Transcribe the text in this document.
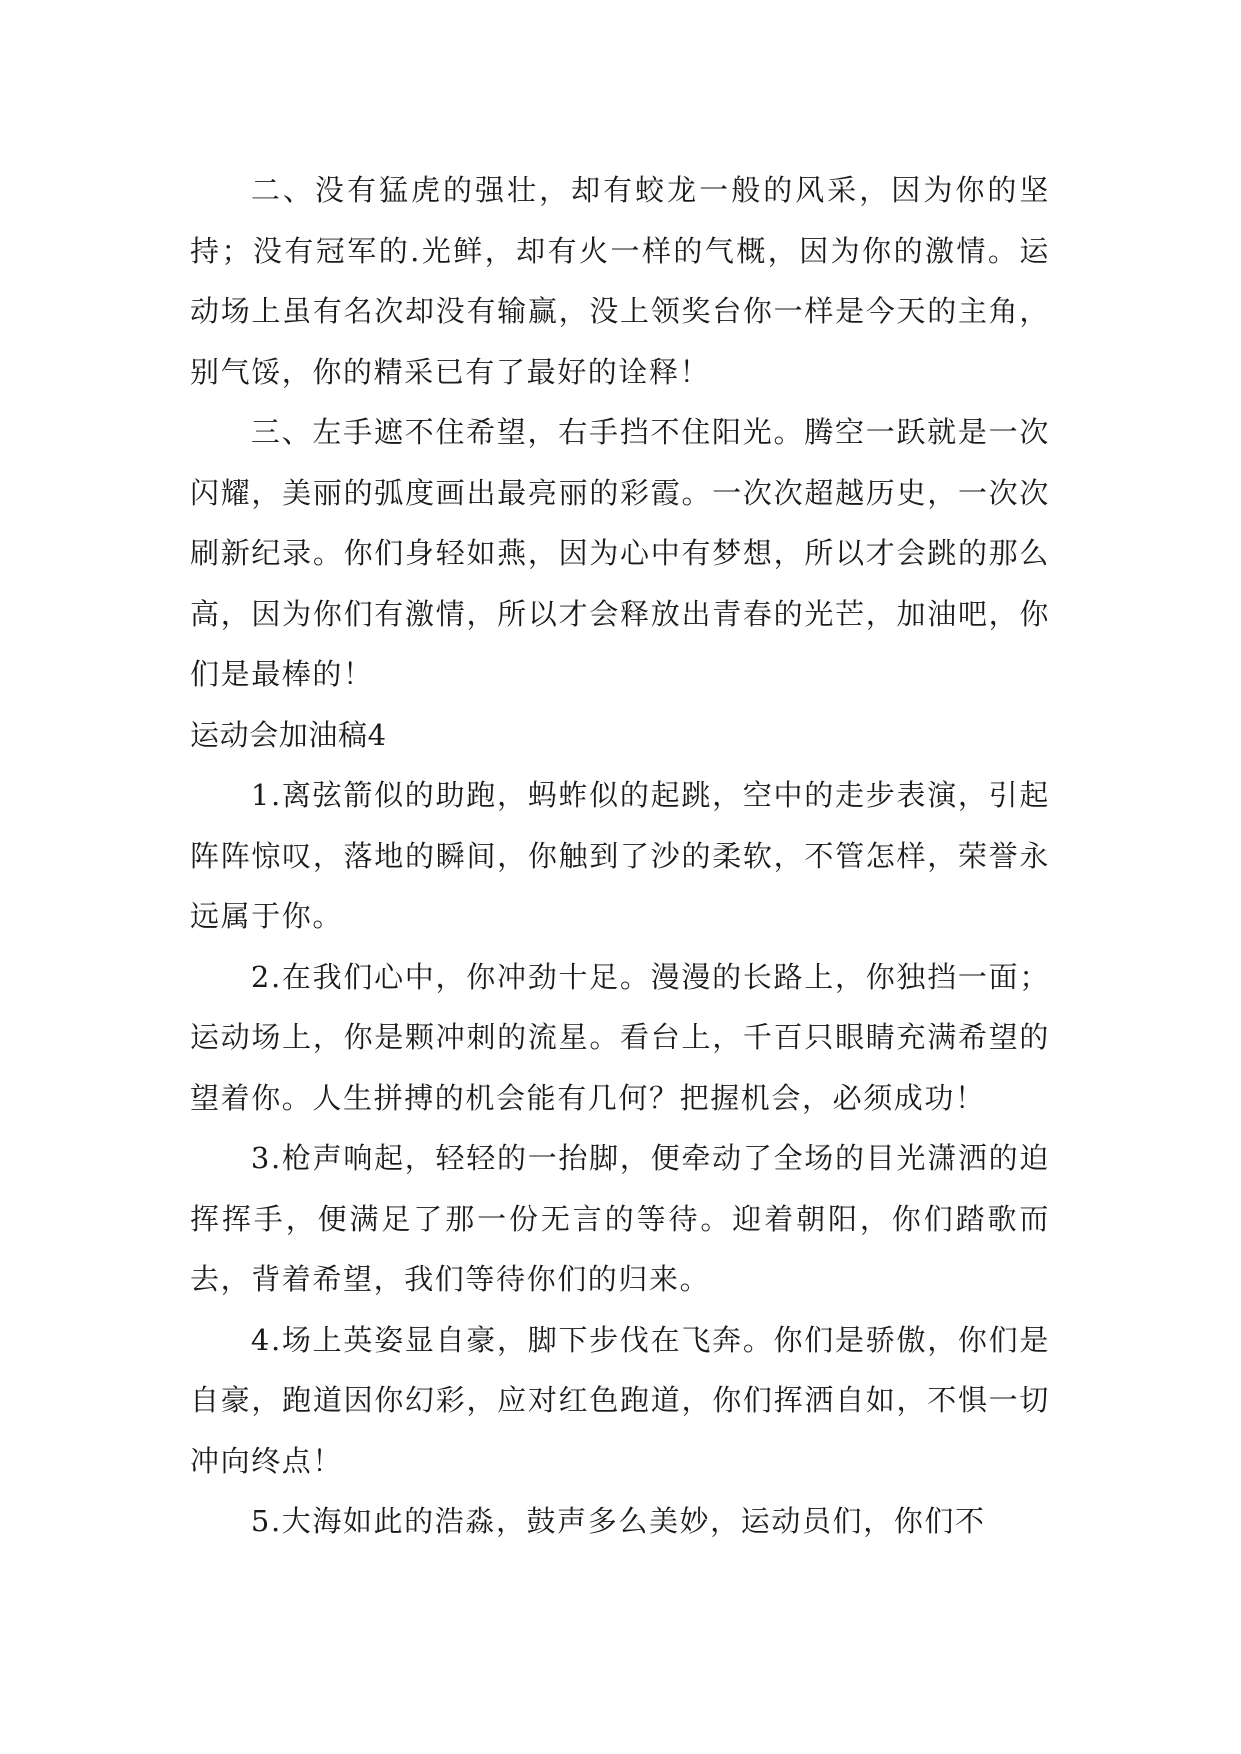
二、没有猛虎的强壮，却有蛟龙一般的风采，因为你的坚持；没有冠军的.光鲜，却有火一样的气概，因为你的激情。运动场上虽有名次却没有输赢，没上领奖台你一样是今天的主角，别气馁，你的精采已有了最好的诠释！

三、左手遮不住希望，右手挡不住阳光。腾空一跃就是一次闪耀，美丽的弧度画出最亮丽的彩霞。一次次超越历史，一次次刷新纪录。你们身轻如燕，因为心中有梦想，所以才会跳的那么高，因为你们有激情，所以才会释放出青春的光芒，加油吧，你们是最棒的！

运动会加油稿4

1.离弦箭似的助跑，蚂蚱似的起跳，空中的走步表演，引起阵阵惊叹，落地的瞬间，你触到了沙的柔软，不管怎样，荣誉永远属于你。

2.在我们心中，你冲劲十足。漫漫的长路上，你独挡一面；运动场上，你是颗冲刺的流星。看台上，千百只眼睛充满希望的望着你。人生拼搏的机会能有几何？把握机会，必须成功！

3.枪声响起，轻轻的一抬脚，便牵动了全场的目光潇洒的迫挥挥手，便满足了那一份无言的等待。迎着朝阳，你们踏歌而去，背着希望，我们等待你们的归来。

4.场上英姿显自豪，脚下步伐在飞奔。你们是骄傲，你们是自豪，跑道因你幻彩，应对红色跑道，你们挥洒自如，不惧一切冲向终点！

5.大海如此的浩淼，鼓声多么美妙，运动员们，你们不
